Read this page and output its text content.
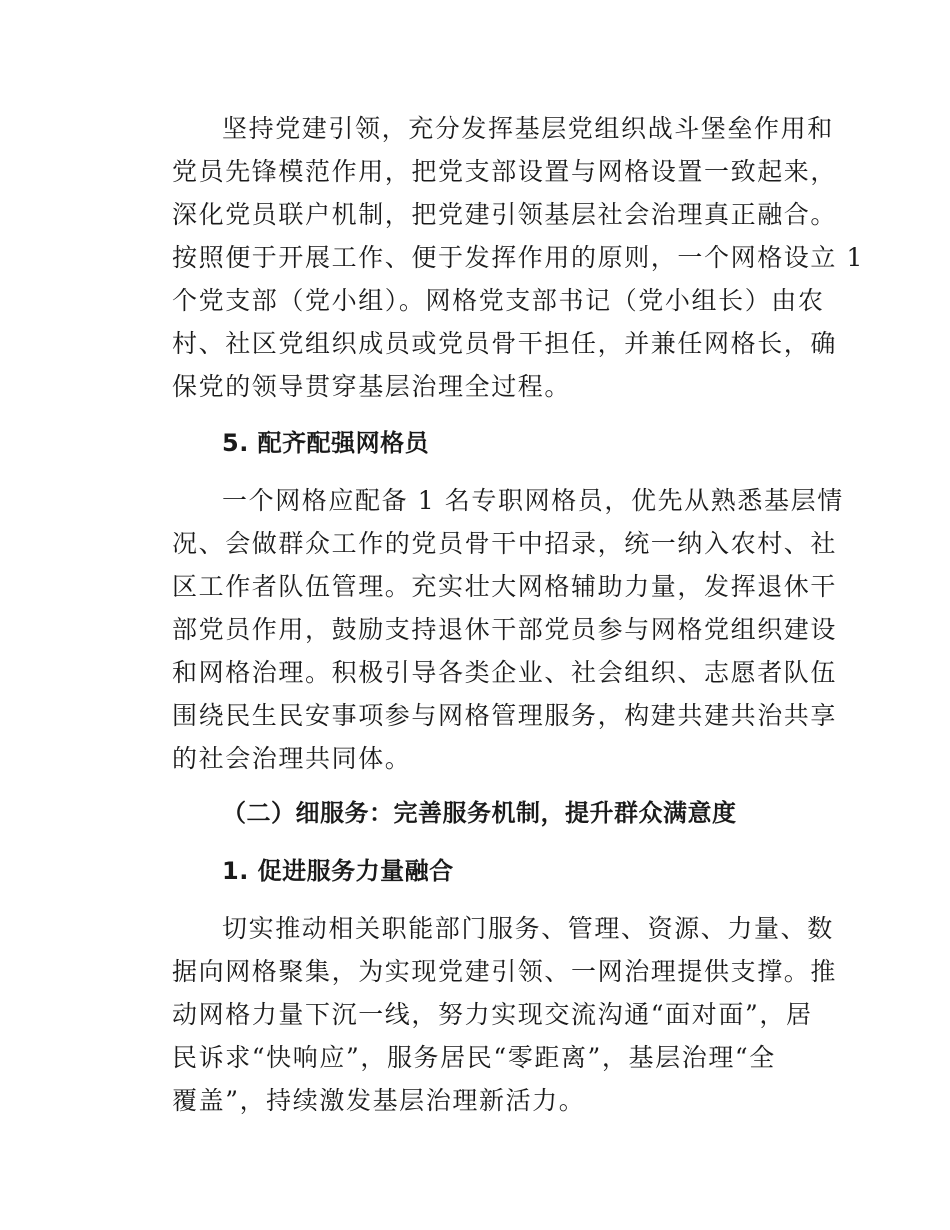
坚持党建引领，充分发挥基层党组织战斗堡垒作用和

党员先锋模范作用，把党支部设置与网格设置一致起来，

深化党员联户机制，把党建引领基层社会治理真正融合。

按照便于开展工作、便于发挥作用的原则，一个网格设立 1

个党支部（党小组）。网格党支部书记（党小组长）由农

村、社区党组织成员或党员骨干担任，并兼任网格长，确

保党的领导贯穿基层治理全过程。

5. 配齐配强网格员

一个网格应配备 1 名专职网格员，优先从熟悉基层情

况、会做群众工作的党员骨干中招录，统一纳入农村、社

区工作者队伍管理。充实壮大网格辅助力量，发挥退休干

部党员作用，鼓励支持退休干部党员参与网格党组织建设

和网格治理。积极引导各类企业、社会组织、志愿者队伍

围绕民生民安事项参与网格管理服务，构建共建共治共享

的社会治理共同体。

（二）细服务：完善服务机制，提升群众满意度

1. 促进服务力量融合

切实推动相关职能部门服务、管理、资源、力量、数

据向网格聚集，为实现党建引领、一网治理提供支撑。推

动网格力量下沉一线，努力实现交流沟通“面对面”，居

民诉求“快响应”，服务居民“零距离”，基层治理“全

覆盖”，持续激发基层治理新活力。
